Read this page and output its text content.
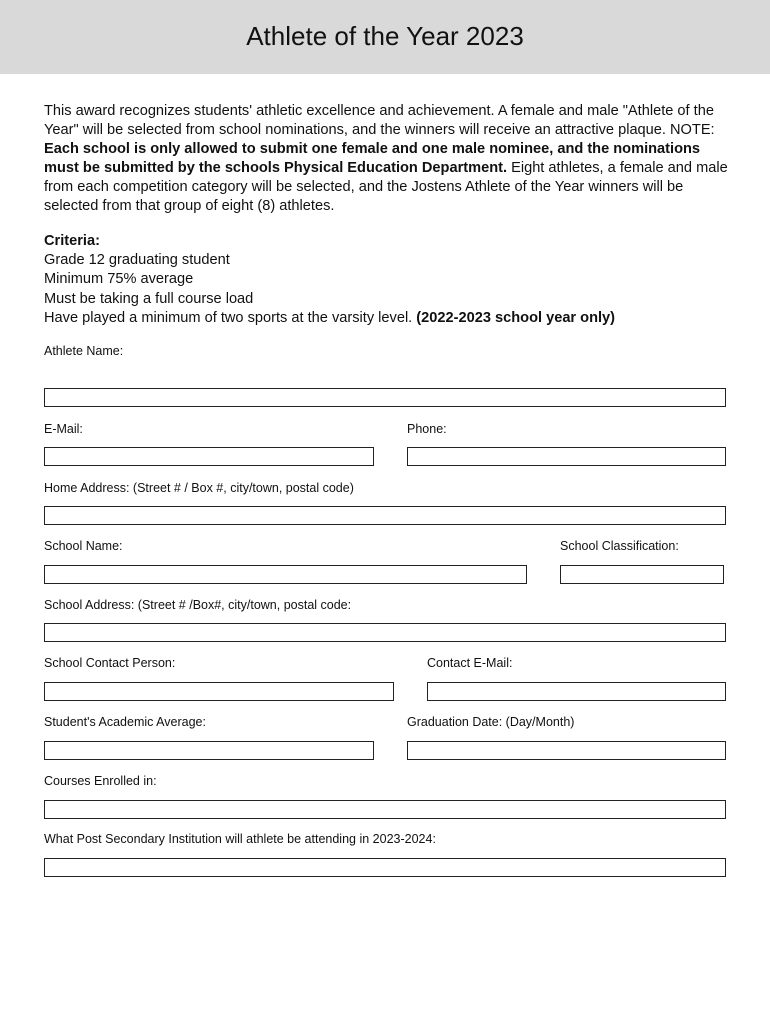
Athlete of the Year 2023

This award recognizes students' athletic excellence and achievement. A female and male "Athlete of the Year" will be selected from school nominations, and the winners will receive an attractive plaque. NOTE: Each school is only allowed to submit one female and one male nominee, and the nominations must be submitted by the schools Physical Education Department. Eight athletes, a female and male from each competition category will be selected, and the Jostens Athlete of the Year winners will be selected from that group of eight (8) athletes.

Criteria:
Grade 12 graduating student
Minimum 75% average
Must be taking a full course load
Have played a minimum of two sports at the varsity level. (2022-2023 school year only)
Athlete Name:
E-Mail:	Phone:
Home Address: (Street # / Box #, city/town, postal code)
School Name:	School Classification:
School Address: (Street # /Box#, city/town, postal code:
School Contact Person:	Contact E-Mail:
Student's Academic Average:	Graduation Date: (Day/Month)
Courses Enrolled in:
What Post Secondary Institution will athlete be attending in 2023-2024:
